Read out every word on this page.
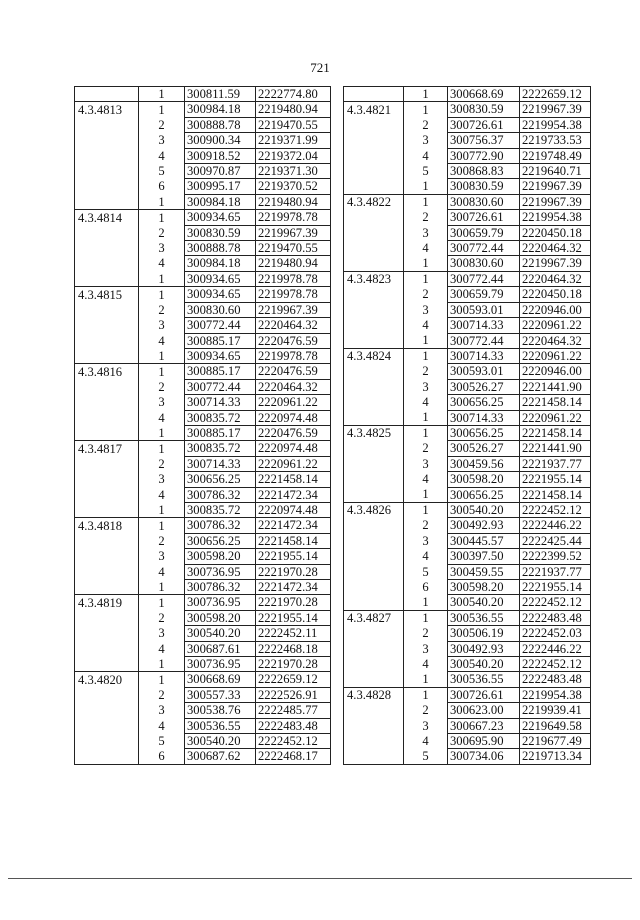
721
	1	300811.59	2222774.80
4.3.4813	1	300984.18	2219480.94
	2	300888.78	2219470.55
	3	300900.34	2219371.99
	4	300918.52	2219372.04
	5	300970.87	2219371.30
	6	300995.17	2219370.52
	1	300984.18	2219480.94
4.3.4814	1	300934.65	2219978.78
	2	300830.59	2219967.39
	3	300888.78	2219470.55
	4	300984.18	2219480.94
	1	300934.65	2219978.78
4.3.4815	1	300934.65	2219978.78
	2	300830.60	2219967.39
	3	300772.44	2220464.32
	4	300885.17	2220476.59
	1	300934.65	2219978.78
4.3.4816	1	300885.17	2220476.59
	2	300772.44	2220464.32
	3	300714.33	2220961.22
	4	300835.72	2220974.48
	1	300885.17	2220476.59
4.3.4817	1	300835.72	2220974.48
	2	300714.33	2220961.22
	3	300656.25	2221458.14
	4	300786.32	2221472.34
	1	300835.72	2220974.48
4.3.4818	1	300786.32	2221472.34
	2	300656.25	2221458.14
	3	300598.20	2221955.14
	4	300736.95	2221970.28
	1	300786.32	2221472.34
4.3.4819	1	300736.95	2221970.28
	2	300598.20	2221955.14
	3	300540.20	2222452.11
	4	300687.61	2222468.18
	1	300736.95	2221970.28
4.3.4820	1	300668.69	2222659.12
	2	300557.33	2222526.91
	3	300538.76	2222485.77
	4	300536.55	2222483.48
	5	300540.20	2222452.12
	6	300687.62	2222468.17
	1	300668.69	2222659.12
4.3.4821	1	300830.59	2219967.39
	2	300726.61	2219954.38
	3	300756.37	2219733.53
	4	300772.90	2219748.49
	5	300868.83	2219640.71
	1	300830.59	2219967.39
4.3.4822	1	300830.60	2219967.39
	2	300726.61	2219954.38
	3	300659.79	2220450.18
	4	300772.44	2220464.32
	1	300830.60	2219967.39
4.3.4823	1	300772.44	2220464.32
	2	300659.79	2220450.18
	3	300593.01	2220946.00
	4	300714.33	2220961.22
	1	300772.44	2220464.32
4.3.4824	1	300714.33	2220961.22
	2	300593.01	2220946.00
	3	300526.27	2221441.90
	4	300656.25	2221458.14
	1	300714.33	2220961.22
4.3.4825	1	300656.25	2221458.14
	2	300526.27	2221441.90
	3	300459.56	2221937.77
	4	300598.20	2221955.14
	1	300656.25	2221458.14
4.3.4826	1	300540.20	2222452.12
	2	300492.93	2222446.22
	3	300445.57	2222425.44
	4	300397.50	2222399.52
	5	300459.55	2221937.77
	6	300598.20	2221955.14
	1	300540.20	2222452.12
4.3.4827	1	300536.55	2222483.48
	2	300506.19	2222452.03
	3	300492.93	2222446.22
	4	300540.20	2222452.12
	1	300536.55	2222483.48
4.3.4828	1	300726.61	2219954.38
	2	300623.00	2219939.41
	3	300667.23	2219649.58
	4	300695.90	2219677.49
	5	300734.06	2219713.34
